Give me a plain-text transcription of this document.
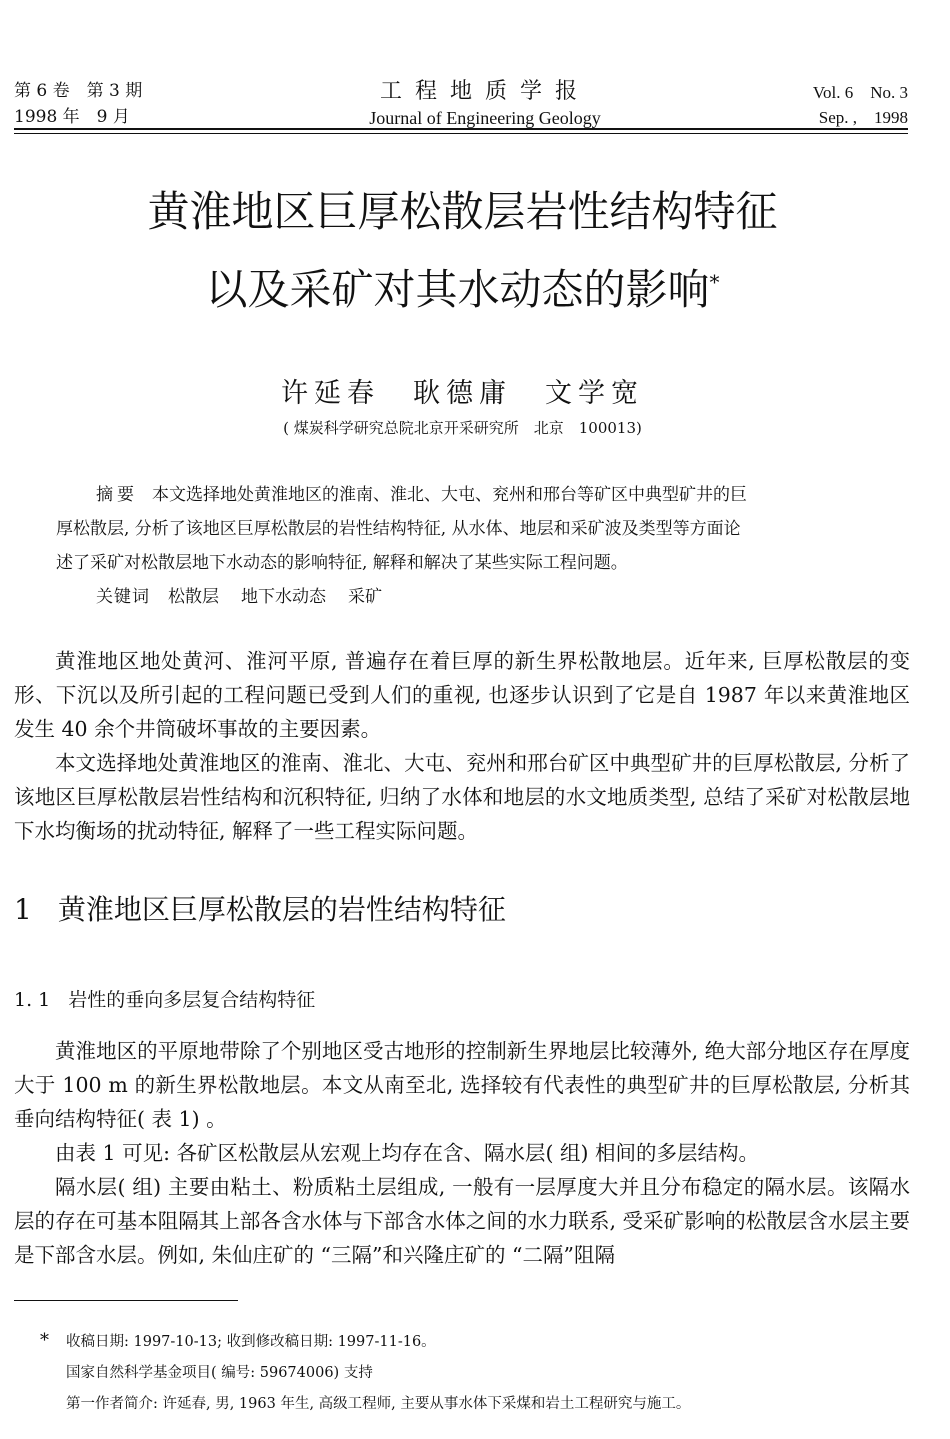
第 6 卷　第 3 期
1998 年　9 月
工程地质学报
Journal of Engineering Geology
Vol. 6　No. 3
Sep. ,　1998
黄淮地区巨厚松散层岩性结构特征
以及采矿对其水动态的影响*
许延春　耿德庸　文学宽
( 煤炭科学研究总院北京开采研究所　北京　100013)
摘要 本文选择地处黄淮地区的淮南、淮北、大屯、兖州和邢台等矿区中典型矿井的巨
厚松散层, 分析了该地区巨厚松散层的岩性结构特征, 从水体、地层和采矿波及类型等方面论
述了采矿对松散层地下水动态的影响特征, 解释和解决了某些实际工程问题。
关键词 松散层 地下水动态 采矿

黄淮地区地处黄河、淮河平原, 普遍存在着巨厚的新生界松散地层。近年来, 巨厚松散层的变形、下沉以及所引起的工程问题已受到人们的重视, 也逐步认识到了它是自 1987 年以来黄淮地区发生 40 余个井筒破坏事故的主要因素。

本文选择地处黄淮地区的淮南、淮北、大屯、兖州和邢台矿区中典型矿井的巨厚松散层, 分析了该地区巨厚松散层岩性结构和沉积特征, 归纳了水体和地层的水文地质类型, 总结了采矿对松散层地下水均衡场的扰动特征, 解释了一些工程实际问题。

1 黄淮地区巨厚松散层的岩性结构特征
1. 1 岩性的垂向多层复合结构特征

黄淮地区的平原地带除了个别地区受古地形的控制新生界地层比较薄外, 绝大部分地区存在厚度大于 100 m 的新生界松散地层。本文从南至北, 选择较有代表性的典型矿井的巨厚松散层, 分析其垂向结构特征( 表 1) 。

由表 1 可见: 各矿区松散层从宏观上均存在含、隔水层( 组) 相间的多层结构。

隔水层( 组) 主要由粘土、粉质粘土层组成, 一般有一层厚度大并且分布稳定的隔水层。该隔水层的存在可基本阻隔其上部各含水体与下部含水体之间的水力联系, 受采矿影响的松散层含水层主要是下部含水层。例如, 朱仙庄矿的 “三隔”和兴隆庄矿的 “二隔”阻隔

* 收稿日期: 1997-10-13; 收到修改稿日期: 1997-11-16。
国家自然科学基金项目( 编号: 59674006) 支持
第一作者简介: 许延春, 男, 1963 年生, 高级工程师, 主要从事水体下采煤和岩土工程研究与施工。
